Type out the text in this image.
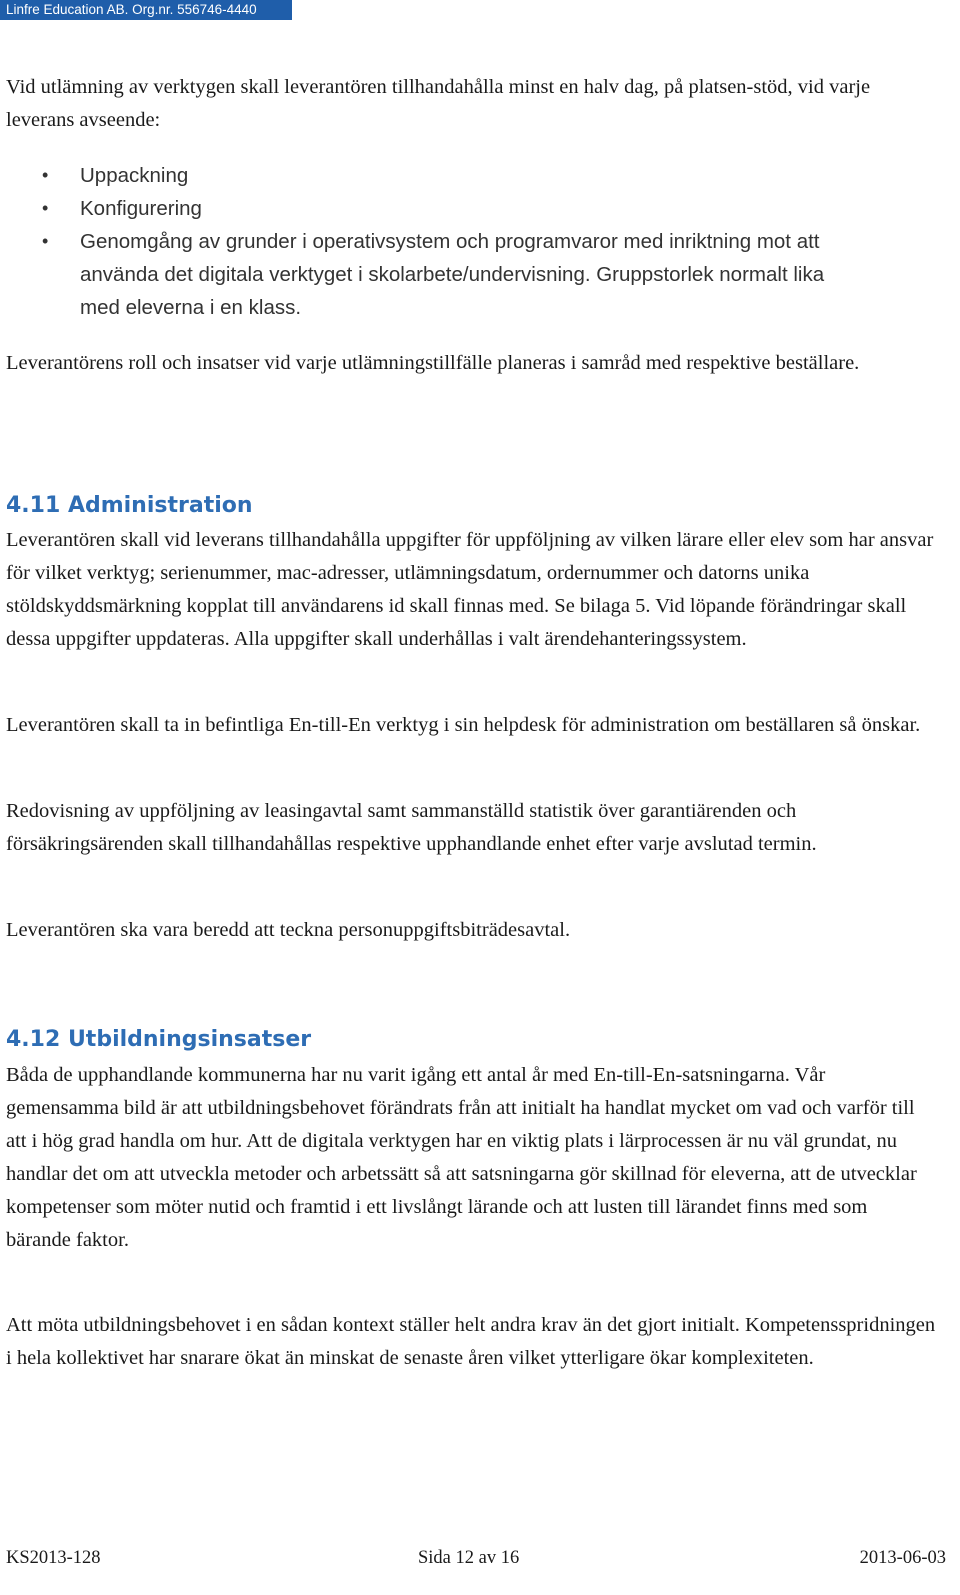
Linfre Education AB. Org.nr. 556746-4440

Vid utlämning av verktygen skall leverantören tillhandahålla minst en halv dag, på platsen-stöd, vid varje leverans avseende:

• Uppackning
• Konfigurering
• Genomgång av grunder i operativsystem och programvaror med inriktning mot att använda det digitala verktyget i skolarbete/undervisning. Gruppstorlek normalt lika med eleverna i en klass.

Leverantörens roll och insatser vid varje utlämningstillfälle planeras i samråd med respektive beställare.

4.11 Administration

Leverantören skall vid leverans tillhandahålla uppgifter för uppföljning av vilken lärare eller elev som har ansvar för vilket verktyg; serienummer, mac-adresser, utlämningsdatum, ordernummer och datorns unika stöldskyddsmärkning kopplat till användarens id skall finnas med. Se bilaga 5. Vid löpande förändringar skall dessa uppgifter uppdateras. Alla uppgifter skall underhållas i valt ärendehanteringssystem.

Leverantören skall ta in befintliga En-till-En verktyg i sin helpdesk för administration om beställaren så önskar.

Redovisning av uppföljning av leasingavtal samt sammanställd statistik över garantiärenden och försäkringsärenden skall tillhandahållas respektive upphandlande enhet efter varje avslutad termin.

Leverantören ska vara beredd att teckna personuppgiftsbiträdesavtal.

4.12 Utbildningsinsatser

Båda de upphandlande kommunerna har nu varit igång ett antal år med En-till-En-satsningarna. Vår gemensamma bild är att utbildningsbehovet förändrats från att initialt ha handlat mycket om vad och varför till att i hög grad handla om hur. Att de digitala verktygen har en viktig plats i lärprocessen är nu väl grundat, nu handlar det om att utveckla metoder och arbetssätt så att satsningarna gör skillnad för eleverna, att de utvecklar kompetenser som möter nutid och framtid i ett livslångt lärande och att lusten till lärandet finns med som bärande faktor.

Att möta utbildningsbehovet i en sådan kontext ställer helt andra krav än det gjort initialt. Kompetensspridningen i hela kollektivet har snarare ökat än minskat de senaste åren vilket ytterligare ökar komplexiteten.

KS2013-128	Sida 12 av 16	2013-06-03
